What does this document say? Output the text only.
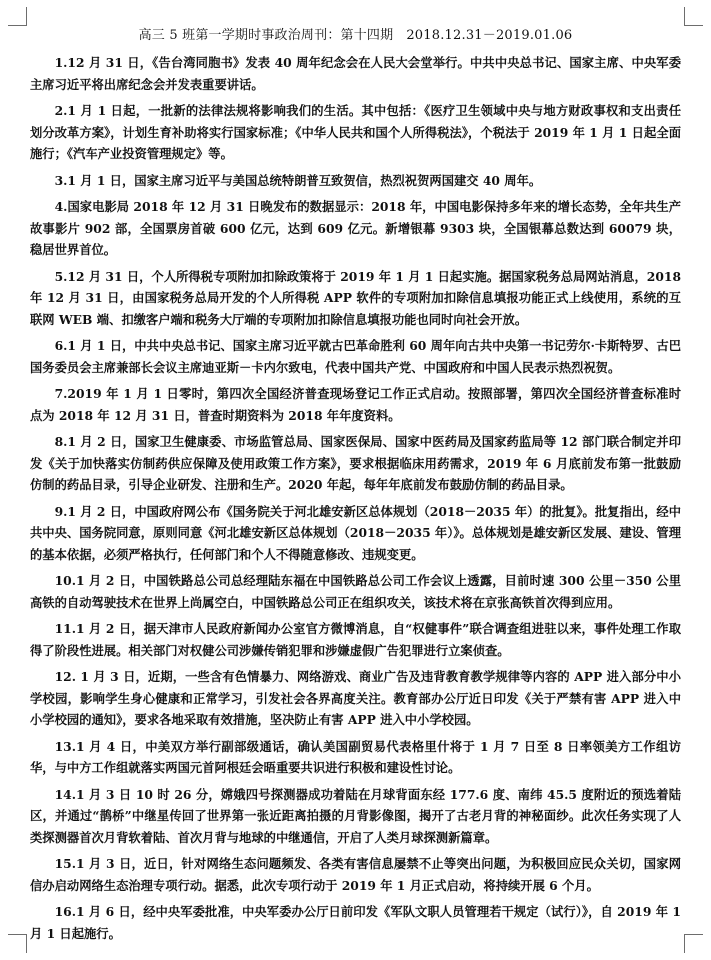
高三 5 班第一学期时事政治周刊：第十四期   2018.12.31－2019.01.06

1.12 月 31 日，《告台湾同胞书》发表 40 周年纪念会在人民大会堂举行。中共中央总书记、国家主席、中央军委主席习近平将出席纪念会并发表重要讲话。

2.1 月 1 日起，一批新的法律法规将影响我们的生活。其中包括：《医疗卫生领域中央与地方财政事权和支出责任划分改革方案》，计划生育补助将实行国家标准；《中华人民共和国个人所得税法》，个税法于 2019 年 1 月 1 日起全面施行；《汽车产业投资管理规定》等。

3.1 月 1 日，国家主席习近平与美国总统特朗普互致贺信，热烈祝贺两国建交 40 周年。

4.国家电影局 2018 年 12 月 31 日晚发布的数据显示：2018 年，中国电影保持多年来的增长态势，全年共生产故事影片 902 部，全国票房首破 600 亿元，达到 609 亿元。新增银幕 9303 块，全国银幕总数达到 60079 块，稳居世界首位。

5.12 月 31 日，个人所得税专项附加扣除政策将于 2019 年 1 月 1 日起实施。据国家税务总局网站消息，2018 年 12 月 31 日，由国家税务总局开发的个人所得税 APP 软件的专项附加扣除信息填报功能正式上线使用，系统的互联网 WEB 端、扣缴客户端和税务大厅端的专项附加扣除信息填报功能也同时向社会开放。

6.1 月 1 日，中共中央总书记、国家主席习近平就古巴革命胜利 60 周年向古共中央第一书记劳尔·卡斯特罗、古巴国务委员会主席兼部长会议主席迪亚斯－卡内尔致电，代表中国共产党、中国政府和中国人民表示热烈祝贺。

7.2019 年 1 月 1 日零时，第四次全国经济普查现场登记工作正式启动。按照部署，第四次全国经济普查标准时点为 2018 年 12 月 31 日，普查时期资料为 2018 年年度资料。

8.1 月 2 日，国家卫生健康委、市场监管总局、国家医保局、国家中医药局及国家药监局等 12 部门联合制定并印发《关于加快落实仿制药供应保障及使用政策工作方案》，要求根据临床用药需求，2019 年 6 月底前发布第一批鼓励仿制的药品目录，引导企业研发、注册和生产。2020 年起，每年年底前发布鼓励仿制的药品目录。

9.1 月 2 日，中国政府网公布《国务院关于河北雄安新区总体规划（2018－2035 年）的批复》。批复指出，经中共中央、国务院同意，原则同意《河北雄安新区总体规划（2018－2035 年）》。总体规划是雄安新区发展、建设、管理的基本依据，必须严格执行，任何部门和个人不得随意修改、违规变更。

10.1 月 2 日，中国铁路总公司总经理陆东福在中国铁路总公司工作会议上透露，目前时速 300 公里－350 公里高铁的自动驾驶技术在世界上尚属空白，中国铁路总公司正在组织攻关，该技术将在京张高铁首次得到应用。

11.1 月 2 日，据天津市人民政府新闻办公室官方微博消息，自“权健事件”联合调查组进驻以来，事件处理工作取得了阶段性进展。相关部门对权健公司涉嫌传销犯罪和涉嫌虚假广告犯罪进行立案侦查。

12. 1 月 3 日，近期，一些含有色情暴力、网络游戏、商业广告及违背教育教学规律等内容的 APP 进入部分中小学校园，影响学生身心健康和正常学习，引发社会各界高度关注。教育部办公厅近日印发《关于严禁有害 APP 进入中小学校园的通知》，要求各地采取有效措施，坚决防止有害 APP 进入中小学校园。

13.1 月 4 日，中美双方举行副部级通话，确认美国副贸易代表格里什将于 1 月 7 日至 8 日率领美方工作组访华，与中方工作组就落实两国元首阿根廷会晤重要共识进行积极和建设性讨论。

14.1 月 3 日 10 时 26 分，嫦娥四号探测器成功着陆在月球背面东经 177.6 度、南纬 45.5 度附近的预选着陆区，并通过“鹊桥”中继星传回了世界第一张近距离拍摄的月背影像图，揭开了古老月背的神秘面纱。此次任务实现了人类探测器首次月背软着陆、首次月背与地球的中继通信，开启了人类月球探测新篇章。

15.1 月 3 日，近日，针对网络生态问题频发、各类有害信息屡禁不止等突出问题，为积极回应民众关切，国家网信办启动网络生态治理专项行动。据悉，此次专项行动于 2019 年 1 月正式启动，将持续开展 6 个月。

16.1 月 6 日，经中央军委批准，中央军委办公厅日前印发《军队文职人员管理若干规定（试行）》，自 2019 年 1 月 1 日起施行。
